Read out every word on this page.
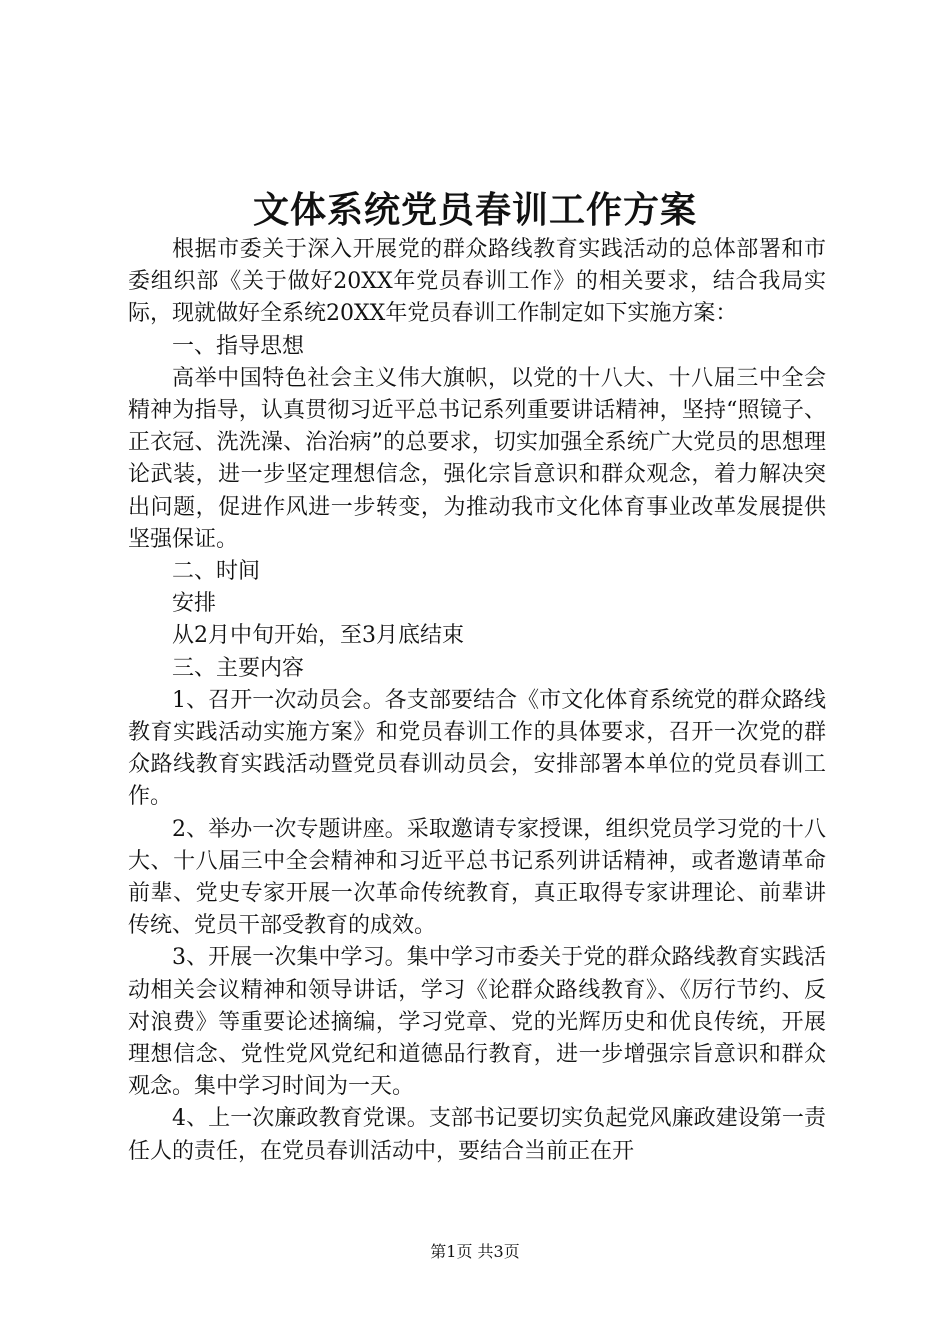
文体系统党员春训工作方案

根据市委关于深入开展党的群众路线教育实践活动的总体部署和市委组织部《关于做好20XX年党员春训工作》的相关要求，结合我局实际，现就做好全系统20XX年党员春训工作制定如下实施方案：

一、指导思想

高举中国特色社会主义伟大旗帜，以党的十八大、十八届三中全会精神为指导，认真贯彻习近平总书记系列重要讲话精神，坚持“照镜子、正衣冠、洗洗澡、治治病”的总要求，切实加强全系统广大党员的思想理论武装，进一步坚定理想信念，强化宗旨意识和群众观念，着力解决突出问题，促进作风进一步转变，为推动我市文化体育事业改革发展提供坚强保证。

二、时间

安排

从2月中旬开始，至3月底结束

三、主要内容

1、召开一次动员会。各支部要结合《市文化体育系统党的群众路线教育实践活动实施方案》和党员春训工作的具体要求，召开一次党的群众路线教育实践活动暨党员春训动员会，安排部署本单位的党员春训工作。

2、举办一次专题讲座。采取邀请专家授课，组织党员学习党的十八大、十八届三中全会精神和习近平总书记系列讲话精神，或者邀请革命前辈、党史专家开展一次革命传统教育，真正取得专家讲理论、前辈讲传统、党员干部受教育的成效。

3、开展一次集中学习。集中学习市委关于党的群众路线教育实践活动相关会议精神和领导讲话，学习《论群众路线教育》、《厉行节约、反对浪费》等重要论述摘编，学习党章、党的光辉历史和优良传统，开展理想信念、党性党风党纪和道德品行教育，进一步增强宗旨意识和群众观念。集中学习时间为一天。

4、上一次廉政教育党课。支部书记要切实负起党风廉政建设第一责任人的责任，在党员春训活动中，要结合当前正在开

第1页 共3页
